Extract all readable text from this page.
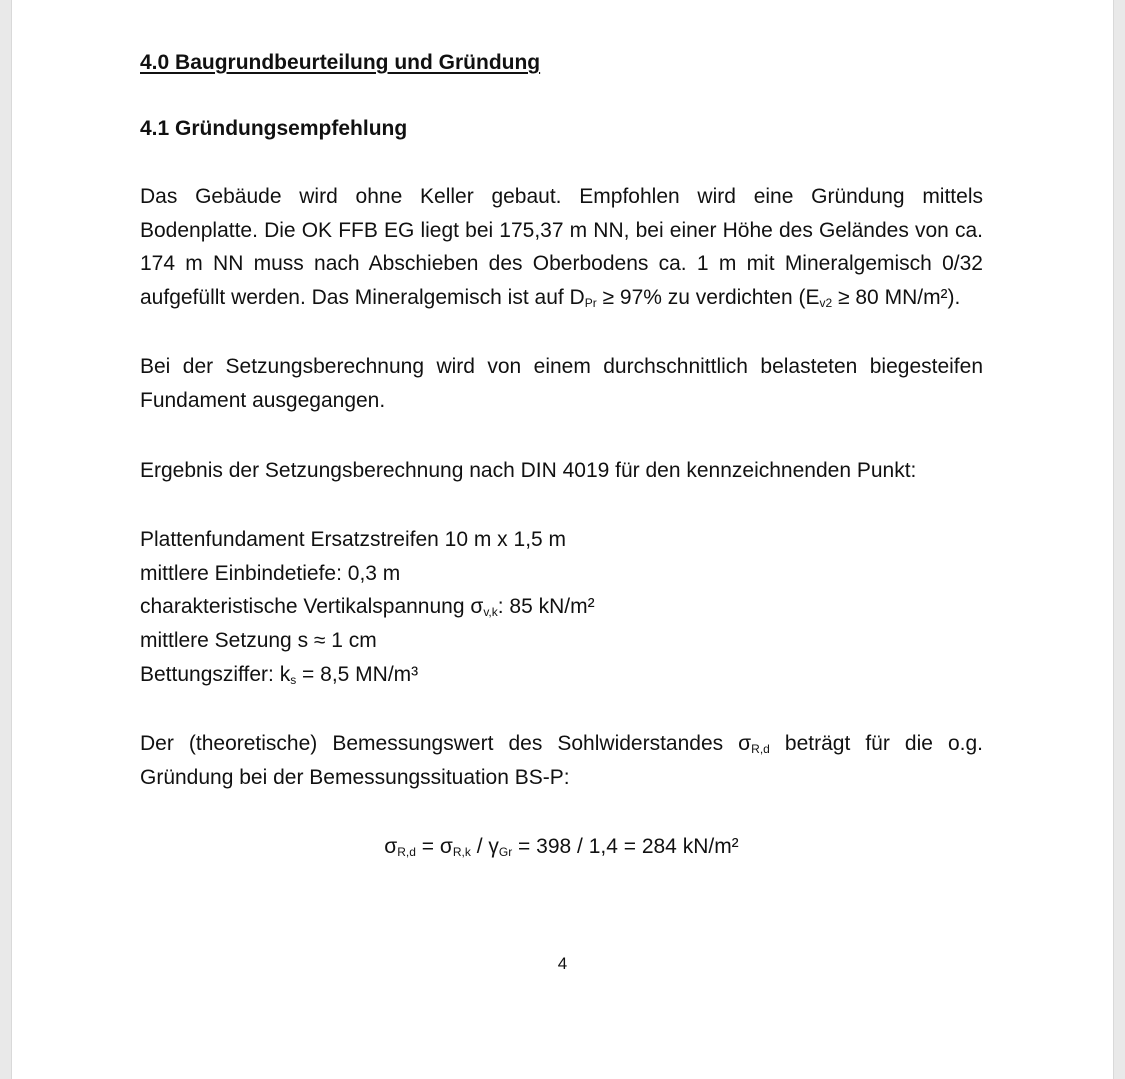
4.0 Baugrundbeurteilung und Gründung

4.1 Gründungsempfehlung

Das Gebäude wird ohne Keller gebaut. Empfohlen wird eine Gründung mittels Bodenplatte. Die OK FFB EG liegt bei 175,37 m NN, bei einer Höhe des Geländes von ca. 174 m NN muss nach Abschieben des Oberbodens ca. 1 m mit Mineralgemisch 0/32 aufgefüllt werden. Das Mineralgemisch ist auf $D_{Pr} \ge 97\%$ zu verdichten ($E_{v2} \ge 80$ MN/m²).

Bei der Setzungsberechnung wird von einem durchschnittlich belasteten biegesteifen Fundament ausgegangen.

Ergebnis der Setzungsberechnung nach DIN 4019 für den kennzeichnenden Punkt:

Plattenfundament Ersatzstreifen 10 m x 1,5 m
mittlere Einbindetiefe: 0,3 m
charakteristische Vertikalspannung $\sigma_{v,k}$: 85 kN/m²
mittlere Setzung s ≈ 1 cm
Bettungsziffer: $k_s = 8,5$ MN/m³

Der (theoretische) Bemessungswert des Sohlwiderstandes $\sigma_{R,d}$ beträgt für die o.g. Gründung bei der Bemessungssituation BS-P:

$\sigma_{R,d} = \sigma_{R,k} / \gamma_{Gr} = 398 / 1,4 = 284$ kN/m²

4
